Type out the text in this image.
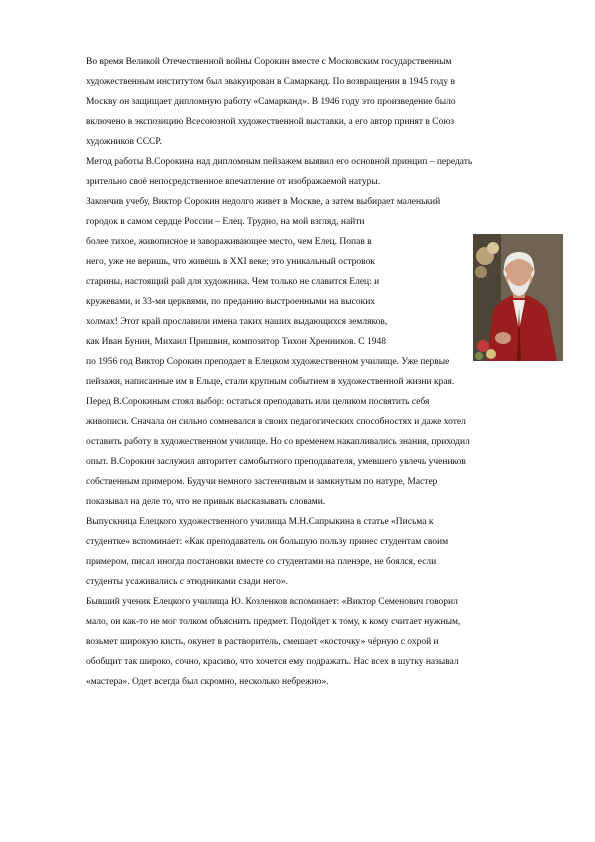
Во время Великой Отечественной войны Сорокин вместе с Московским государственным
художественным институтом был эвакуирован в Самарканд. По возвращении в 1945 году в
Москву он защищает дипломную работу «Самарканд». В 1946 году это произведение было
включено в экспозицию Всесоюзной художественной выставки, а его автор принят в Союз
художников СССР.
Метод работы В.Сорокина над дипломным пейзажем выявил его основной принцип – передать
зрительно своё непосредственное впечатление от изображаемой натуры.
Закончив учебу, Виктор Сорокин недолго живет в Москве, а затем выбирает маленький
городок в самом сердце России – Елец. Трудно, на мой взгляд, найти
более тихое, живописное и завораживающее место, чем Елец. Попав в
него, уже не веришь, что живешь в XXI веке; это уникальный островок
старины, настоящий рай для художника. Чем только не славится Елец: и
кружевами, и 33-мя церквями, по преданию выстроенными на высоких
холмах! Этот край прославили имена таких наших выдающихся земляков,
как Иван Бунин, Михаил Пришвин, композитор Тихон Хренников. С 1948
по 1956 год Виктор Сорокин преподает в Елецком художественном училище. Уже первые
пейзажи, написанные им в Ельце, стали крупным событием в художественной жизни края.
Перед В.Сорокиным стоял выбор: остаться преподавать или целиком посвятить себя
живописи. Сначала он сильно сомневался в своих педагогических способностях и даже хотел
оставить работу в художественном училище. Но со временем накапливались знания, приходил
опыт. В.Сорокин заслужил авторитет самобытного преподавателя, умевшего увлечь учеников
собственным примером. Будучи немного застенчивым и замкнутым по натуре, Мастер
показывал на деле то, что не привык высказывать словами.
Выпускница Елецкого художественного училища М.Н.Сапрыкина в статье «Письма к
студентке» вспоминает: «Как преподаватель он большую пользу принес студентам своим
примером, писал иногда постановки вместе со студентами на пленэре, не боялся, если
студенты усаживались с этюдниками сзади него».
Бывший ученик Елецкого училища Ю. Козленков вспоминает: «Виктор Семенович говорил
мало, он как-то не мог толком объяснить предмет. Подойдет к тому, к кому считает нужным,
возьмет широкую кисть, окунет в растворитель, смешает «косточку» чёрную с охрой и
обобщит так широко, сочно, красиво, что хочется ему подражать. Нас всех в шутку называл
«мастера». Одет всегда был скромно, несколько небрежно».
